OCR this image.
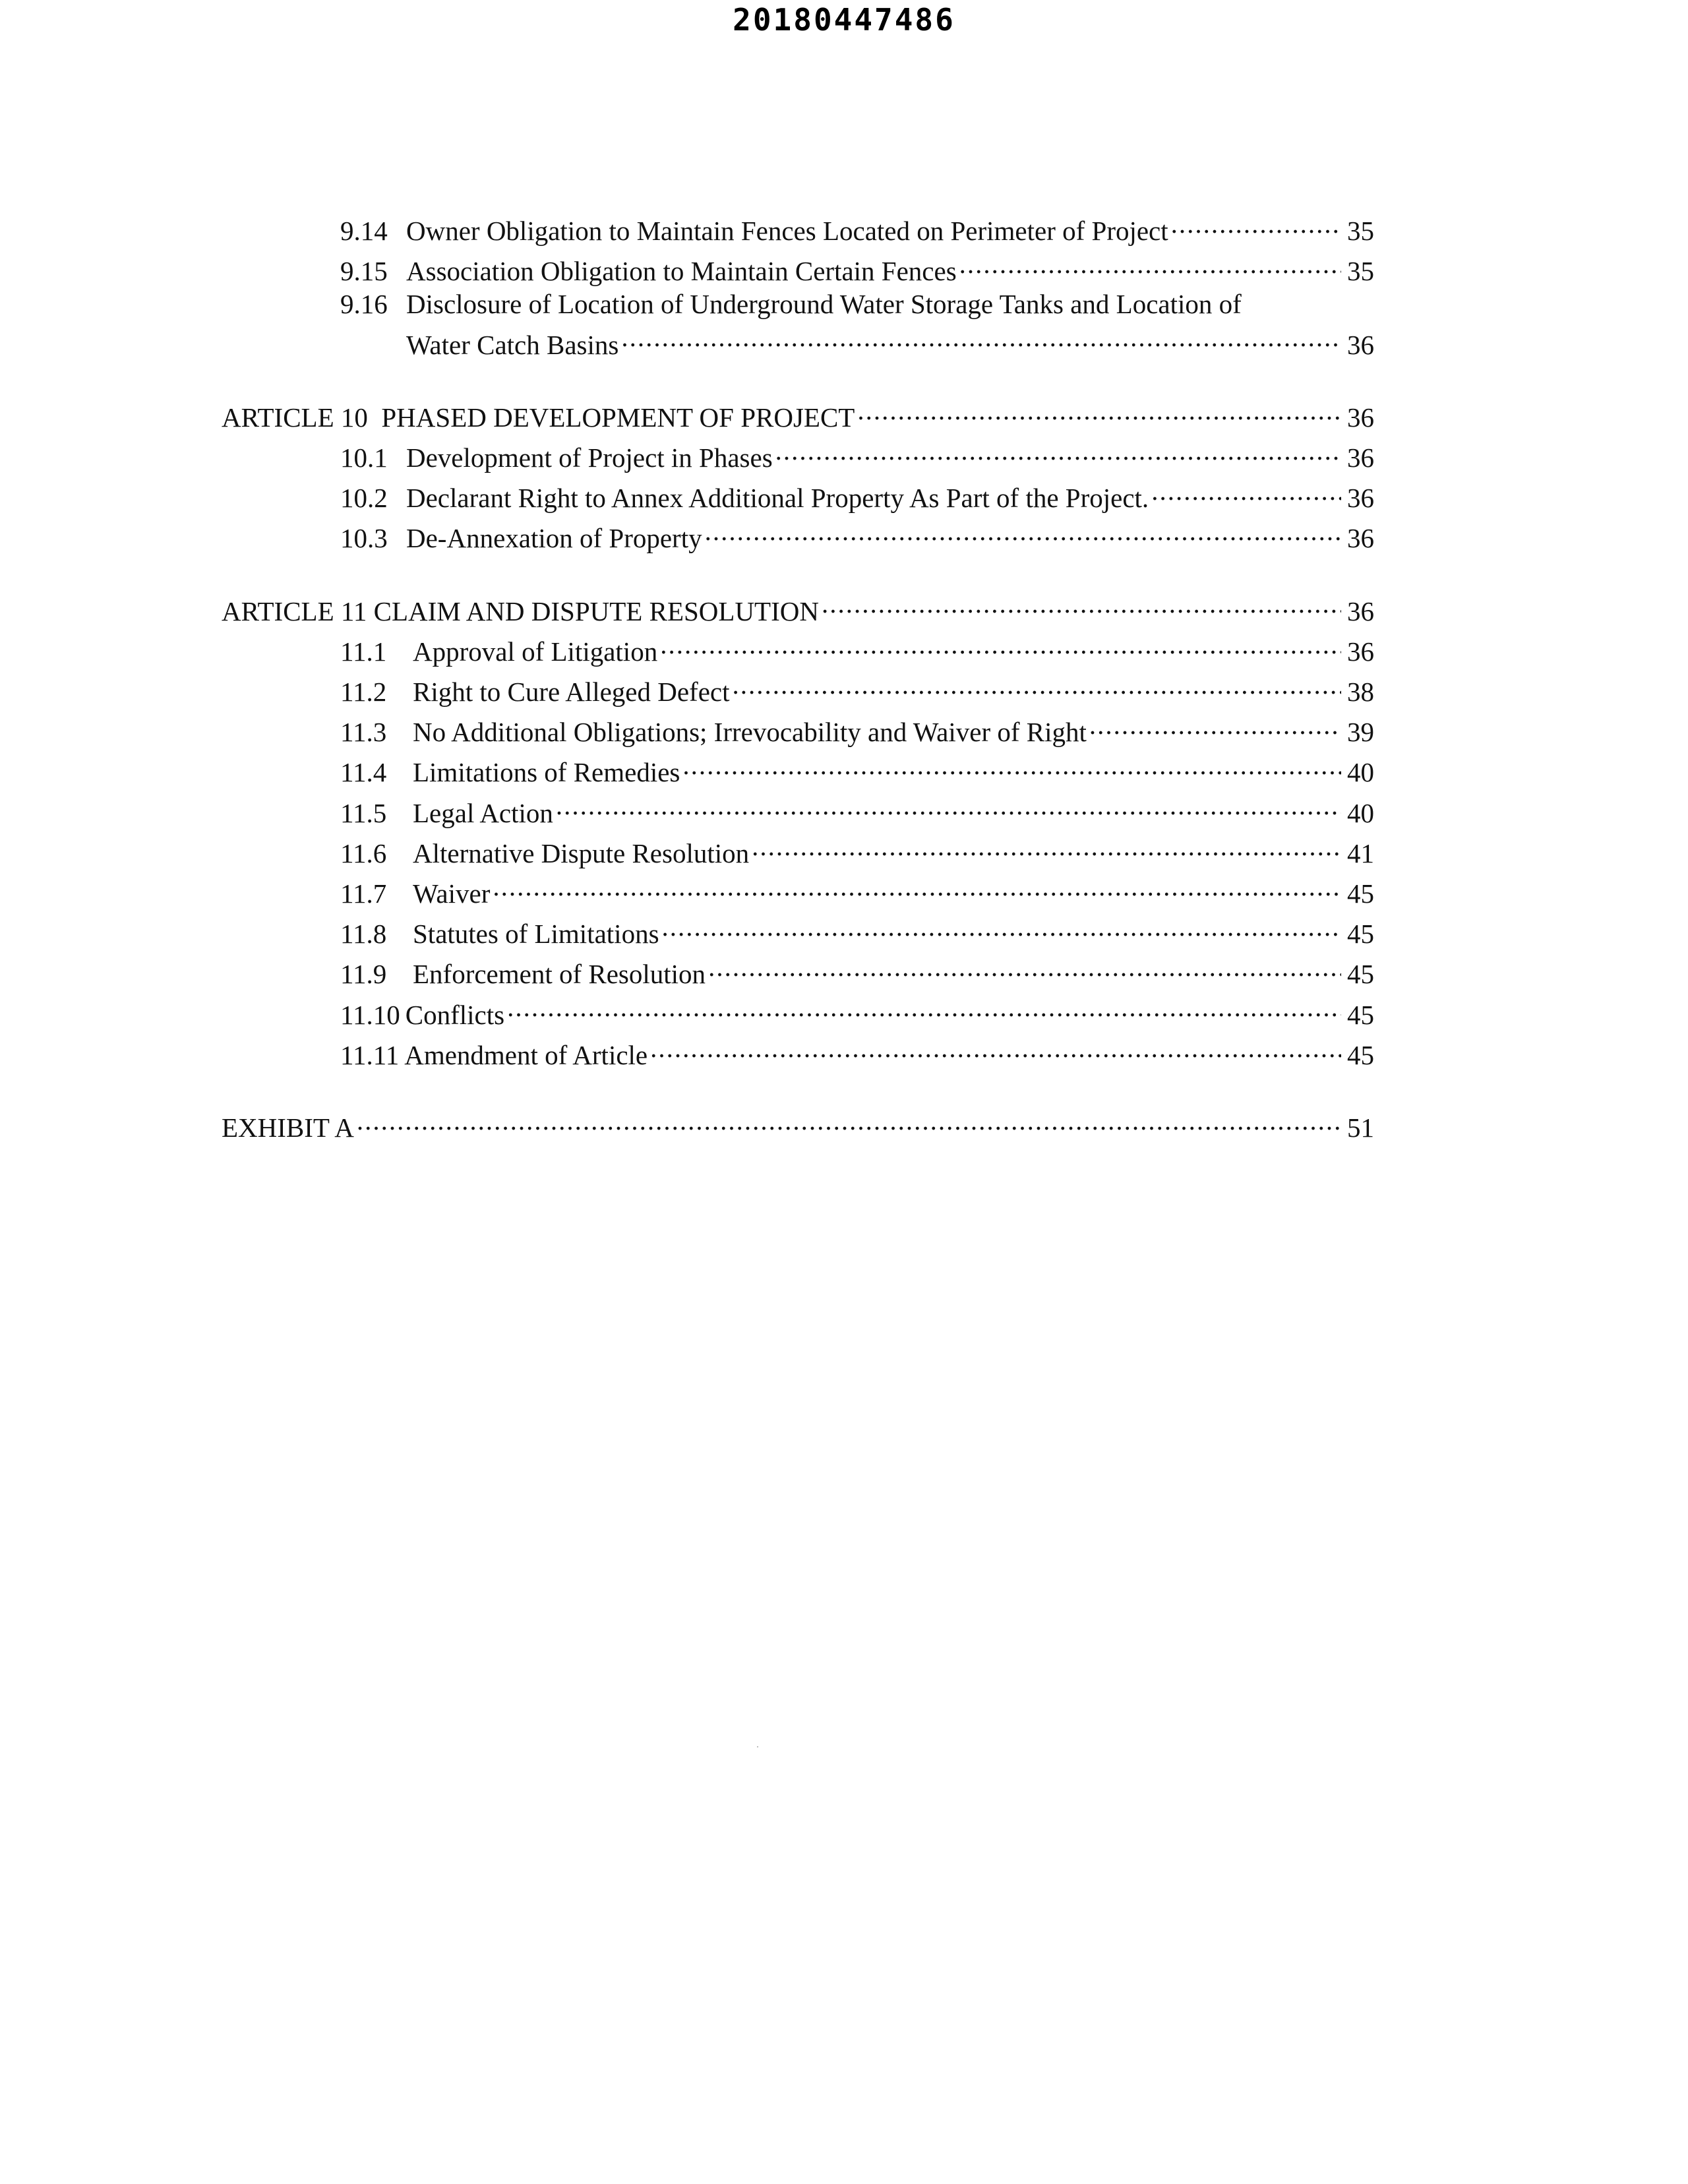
20180447486
9.14 Owner Obligation to Maintain Fences Located on Perimeter of Project .....	35
9.15 Association Obligation to Maintain Certain Fences .....	35
9.16 Disclosure of Location of Underground Water Storage Tanks and Location of
Water Catch Basins .....	36
ARTICLE 10  PHASED DEVELOPMENT OF PROJECT .....	36
10.1 Development of Project in Phases .....	36
10.2 Declarant Right to Annex Additional Property As Part of the Project. .....	36
10.3 De-Annexation of Property .....	36
ARTICLE 11 CLAIM AND DISPUTE RESOLUTION .....	36
11.1 Approval of Litigation .....	36
11.2 Right to Cure Alleged Defect .....	38
11.3 No Additional Obligations; Irrevocability and Waiver of Right .....	39
11.4 Limitations of Remedies .....	40
11.5 Legal Action .....	40
11.6 Alternative Dispute Resolution .....	41
11.7 Waiver .....	45
11.8 Statutes of Limitations .....	45
11.9 Enforcement of Resolution .....	45
11.10 Conflicts .....	45
11.11 Amendment of Article .....	45
EXHIBIT A .....	51
